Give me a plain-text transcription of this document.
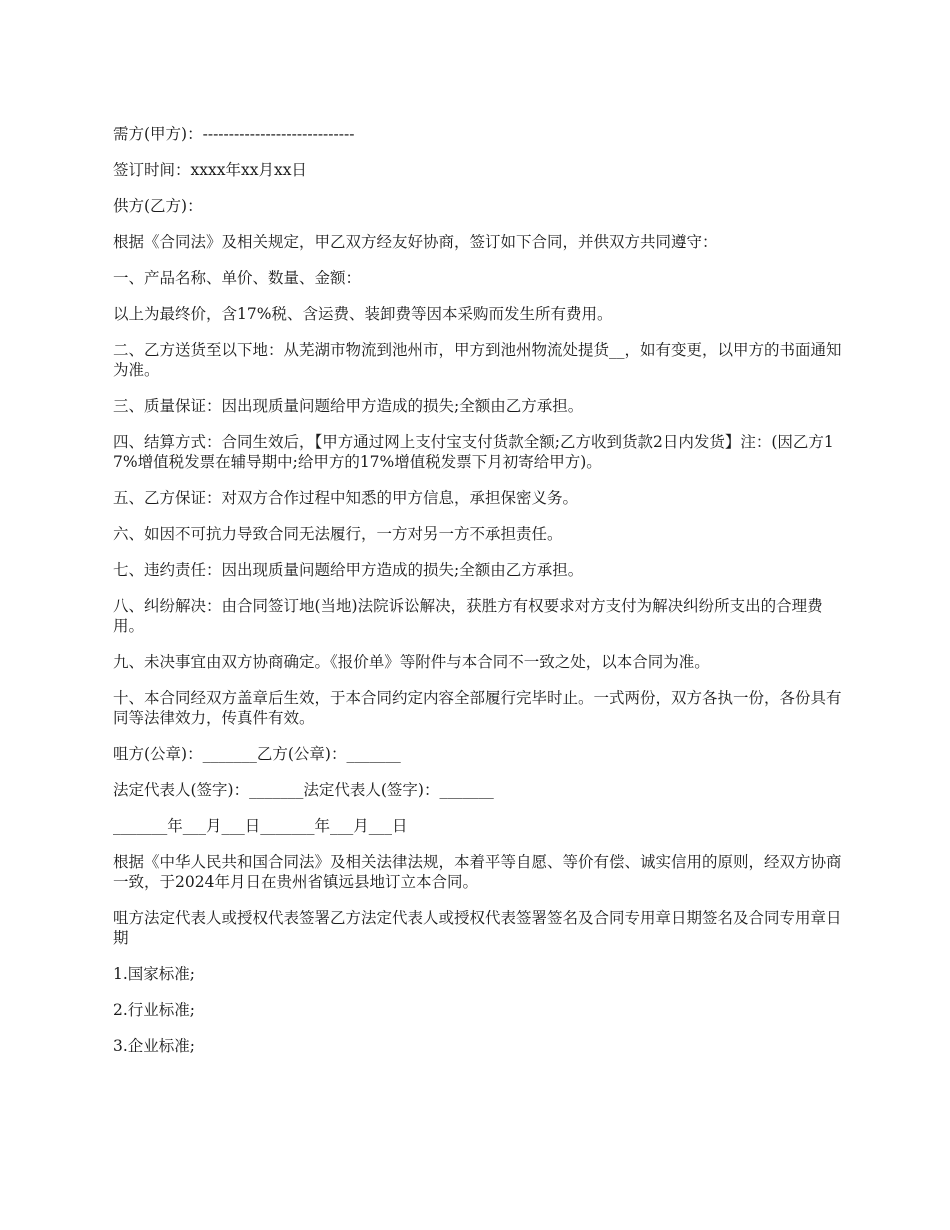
需方(甲方)：-----------------------------

签订时间：xxxx年xx月xx日

供方(乙方)：

根据《合同法》及相关规定，甲乙双方经友好协商，签订如下合同，并供双方共同遵守：

一、产品名称、单价、数量、金额：

以上为最终价，含17%税、含运费、装卸费等因本采购而发生所有费用。

二、乙方送货至以下地：从芜湖市物流到池州市，甲方到池州物流处提货__，如有变更，以甲方的书面通知为准。

三、质量保证：因出现质量问题给甲方造成的损失;全额由乙方承担。

四、结算方式：合同生效后，【甲方通过网上支付宝支付货款全额;乙方收到货款2日内发货】注：(因乙方17%增值税发票在辅导期中;给甲方的17%增值税发票下月初寄给甲方)。

五、乙方保证：对双方合作过程中知悉的甲方信息，承担保密义务。

六、如因不可抗力导致合同无法履行，一方对另一方不承担责任。

七、违约责任：因出现质量问题给甲方造成的损失;全额由乙方承担。

八、纠纷解决：由合同签订地(当地)法院诉讼解决，获胜方有权要求对方支付为解决纠纷所支出的合理费用。

九、未决事宜由双方协商确定。《报价单》等附件与本合同不一致之处，以本合同为准。

十、本合同经双方盖章后生效，于本合同约定内容全部履行完毕时止。一式两份，双方各执一份，各份具有同等法律效力，传真件有效。

咀方(公章)：_______乙方(公章)：_______

法定代表人(签字)：_______法定代表人(签字)：_______

_______年___月___日_______年___月___日

根据《中华人民共和国合同法》及相关法律法规，本着平等自愿、等价有偿、诚实信用的原则，经双方协商一致，于2024年月日在贵州省镇远县地订立本合同。

咀方法定代表人或授权代表签署乙方法定代表人或授权代表签署签名及合同专用章日期签名及合同专用章日期

1.国家标准;

2.行业标准;

3.企业标准;
